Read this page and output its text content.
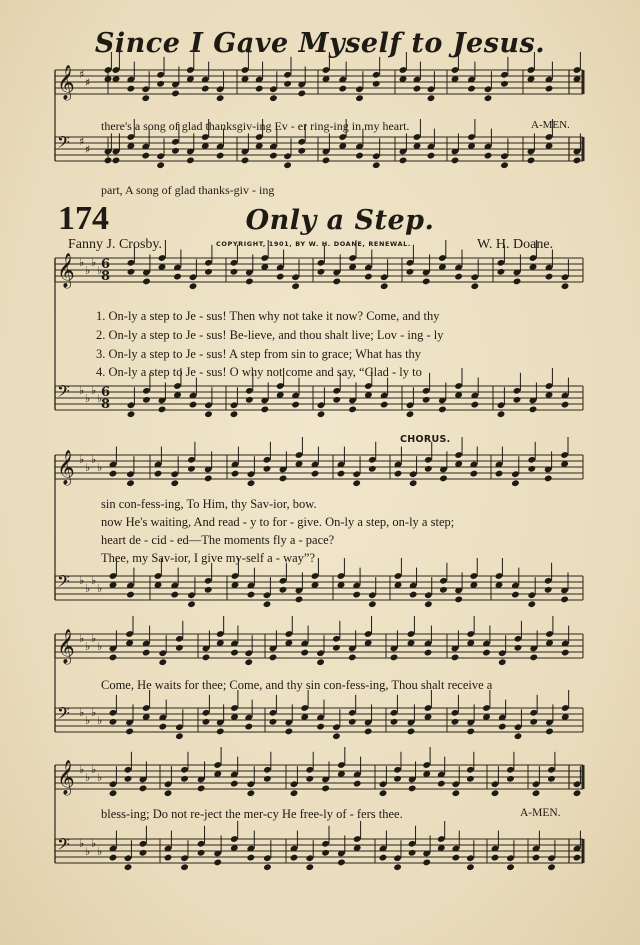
𝄞 ♯
♯
𝄢 ♯
♯
𝄞 ♭
♭
♭
♭
𝄢 ♭
♭
♭
♭
𝄞 ♭
♭
♭
♭
𝄢 ♭
♭
♭
♭
𝄞 ♭
♭
♭
♭
𝄢 ♭
♭
♭
♭
𝄞 ♭
♭
♭
♭
𝄢 ♭
♭
♭
♭
6
8
6
8
Since I Gave Myself to Jesus.
there's a song of glad thanksgiv-ing Ev - er ring-ing in my heart.	A-MEN.
part, A song of glad thanks-giv - ing
174	Only a Step.
Fanny J. Crosby.	COPYRIGHT, 1901, BY W. H. DOANE, RENEWAL.	W. H. Doane.
1. On-ly a step to Je - sus! Then why not take it now? Come, and thy
2. On-ly a step to Je - sus! Be-lieve, and thou shalt live; Lov - ing - ly
3. On-ly a step to Je - sus! A step from sin to grace; What has thy
4. On-ly a step to Je - sus! O why not come and say, “Glad - ly to
CHORUS.
sin con-fess-ing, To Him, thy Sav-ior, bow.
now He's waiting, And read - y to for - give. On-ly a step, on-ly a step;
heart de - cid - ed—The moments fly a - pace?
Thee, my Sav-ior, I give my-self a - way”?
Come, He waits for thee; Come, and thy sin con-fess-ing, Thou shalt receive a
bless-ing; Do not re-ject the mer-cy He free-ly of - fers thee.	A-MEN.
